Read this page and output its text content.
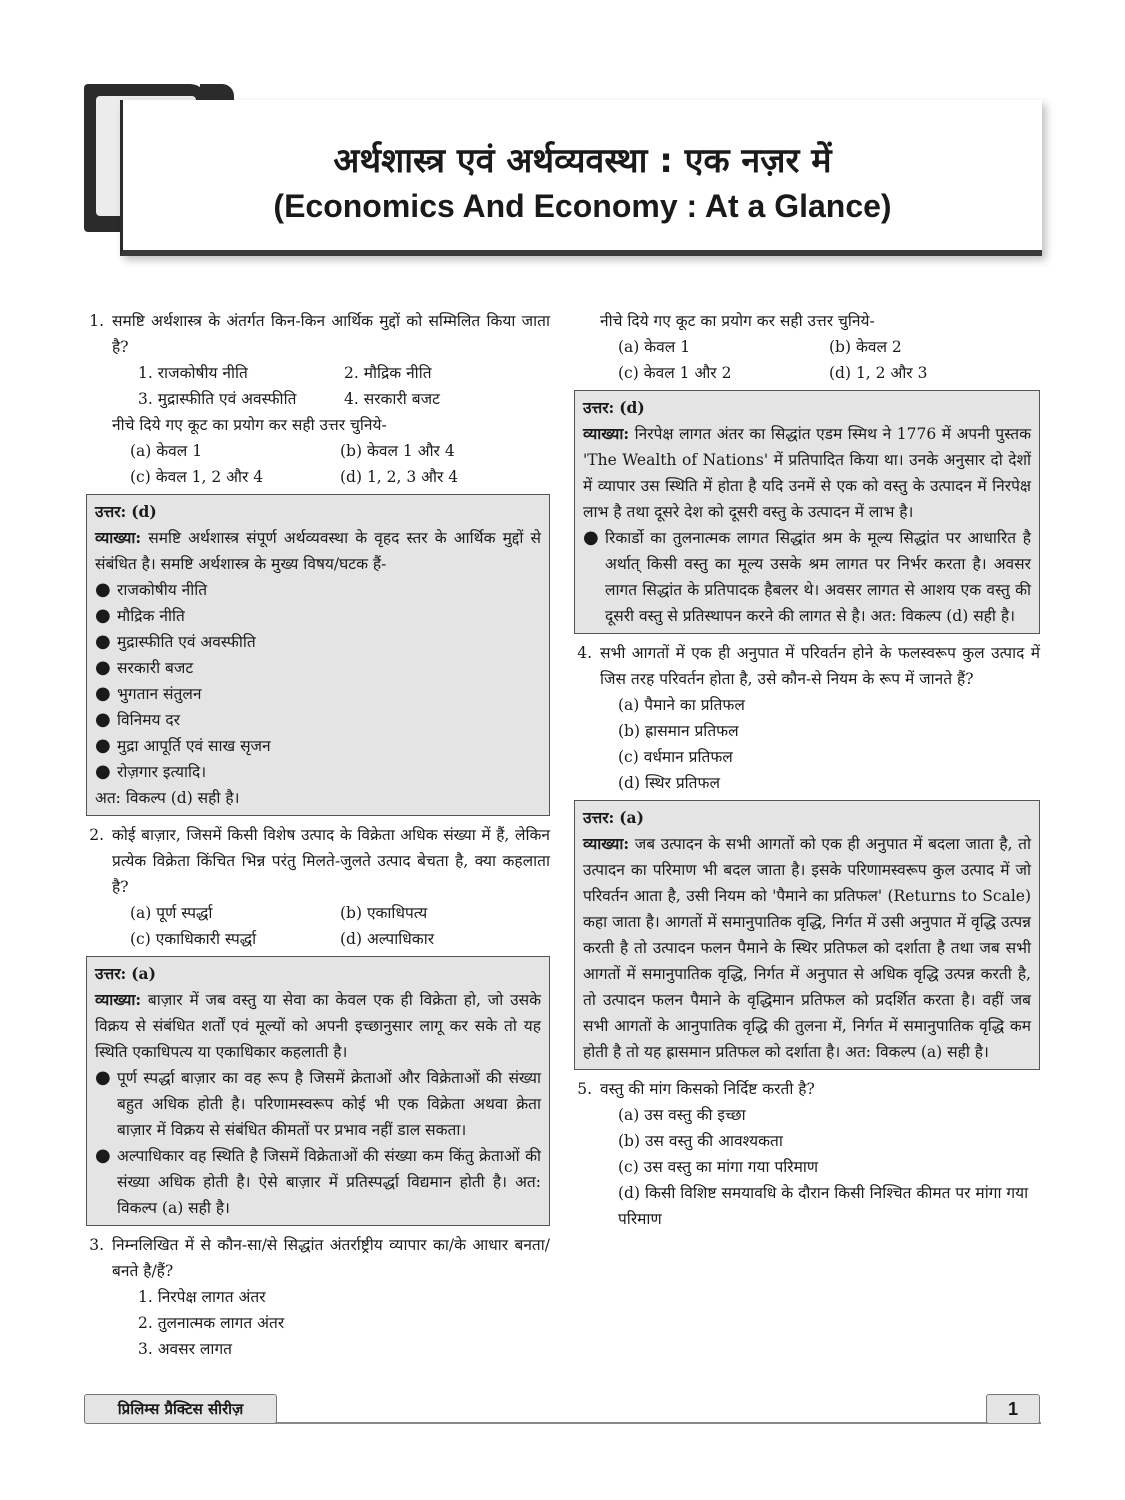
अर्थशास्त्र एवं अर्थव्यवस्था : एक नज़र में
(Economics And Economy : At a Glance)
1. समष्टि अर्थशास्त्र के अंतर्गत किन-किन आर्थिक मुद्दों को सम्मिलित किया जाता है?
1. राजकोषीय नीति	2. मौद्रिक नीति
3. मुद्रास्फीति एवं अवस्फीति	4. सरकारी बजट
नीचे दिये गए कूट का प्रयोग कर सही उत्तर चुनिये-
(a) केवल 1	(b) केवल 1 और 4
(c) केवल 1, 2 और 4	(d) 1, 2, 3 और 4
उत्तर: (d)
व्याख्या: समष्टि अर्थशास्त्र संपूर्ण अर्थव्यवस्था के वृहद स्तर के आर्थिक मुद्दों से संबंधित है। समष्टि अर्थशास्त्र के मुख्य विषय/घटक हैं-
● राजकोषीय नीति
● मौद्रिक नीति
● मुद्रास्फीति एवं अवस्फीति
● सरकारी बजट
● भुगतान संतुलन
● विनिमय दर
● मुद्रा आपूर्ति एवं साख सृजन
● रोज़गार इत्यादि।
अत: विकल्प (d) सही है।
2. कोई बाज़ार, जिसमें किसी विशेष उत्पाद के विक्रेता अधिक संख्या में हैं, लेकिन प्रत्येक विक्रेता किंचित भिन्न परंतु मिलते-जुलते उत्पाद बेचता है, क्या कहलाता है?
(a) पूर्ण स्पर्द्धा	(b) एकाधिपत्य
(c) एकाधिकारी स्पर्द्धा	(d) अल्पाधिकार
उत्तर: (a)
व्याख्या: बाज़ार में जब वस्तु या सेवा का केवल एक ही विक्रेता हो, जो उसके विक्रय से संबंधित शर्तों एवं मूल्यों को अपनी इच्छानुसार लागू कर सके तो यह स्थिति एकाधिपत्य या एकाधिकार कहलाती है।
● पूर्ण स्पर्द्धा बाज़ार का वह रूप है जिसमें क्रेताओं और विक्रेताओं की संख्या बहुत अधिक होती है। परिणामस्वरूप कोई भी एक विक्रेता अथवा क्रेता बाज़ार में विक्रय से संबंधित कीमतों पर प्रभाव नहीं डाल सकता।
● अल्पाधिकार वह स्थिति है जिसमें विक्रेताओं की संख्या कम किंतु क्रेताओं की संख्या अधिक होती है। ऐसे बाज़ार में प्रतिस्पर्द्धा विद्यमान होती है। अत: विकल्प (a) सही है।
3. निम्नलिखित में से कौन-सा/से सिद्धांत अंतर्राष्ट्रीय व्यापार का/के आधार बनता/बनते है/हैं?
1. निरपेक्ष लागत अंतर
2. तुलनात्मक लागत अंतर
3. अवसर लागत
नीचे दिये गए कूट का प्रयोग कर सही उत्तर चुनिये-
(a) केवल 1	(b) केवल 2
(c) केवल 1 और 2	(d) 1, 2 और 3
उत्तर: (d)
व्याख्या: निरपेक्ष लागत अंतर का सिद्धांत एडम स्मिथ ने 1776 में अपनी पुस्तक 'The Wealth of Nations' में प्रतिपादित किया था। उनके अनुसार दो देशों में व्यापार उस स्थिति में होता है यदि उनमें से एक को वस्तु के उत्पादन में निरपेक्ष लाभ है तथा दूसरे देश को दूसरी वस्तु के उत्पादन में लाभ है।
● रिकार्डो का तुलनात्मक लागत सिद्धांत श्रम के मूल्य सिद्धांत पर आधारित है अर्थात् किसी वस्तु का मूल्य उसके श्रम लागत पर निर्भर करता है। अवसर लागत सिद्धांत के प्रतिपादक हैबलर थे। अवसर लागत से आशय एक वस्तु की दूसरी वस्तु से प्रतिस्थापन करने की लागत से है। अत: विकल्प (d) सही है।
4. सभी आगतों में एक ही अनुपात में परिवर्तन होने के फलस्वरूप कुल उत्पाद में जिस तरह परिवर्तन होता है, उसे कौन-से नियम के रूप में जानते हैं?
(a) पैमाने का प्रतिफल
(b) ह्रासमान प्रतिफल
(c) वर्धमान प्रतिफल
(d) स्थिर प्रतिफल
उत्तर: (a)
व्याख्या: जब उत्पादन के सभी आगतों को एक ही अनुपात में बदला जाता है, तो उत्पादन का परिमाण भी बदल जाता है। इसके परिणामस्वरूप कुल उत्पाद में जो परिवर्तन आता है, उसी नियम को 'पैमाने का प्रतिफल' (Returns to Scale) कहा जाता है। आगतों में समानुपातिक वृद्धि, निर्गत में उसी अनुपात में वृद्धि उत्पन्न करती है तो उत्पादन फलन पैमाने के स्थिर प्रतिफल को दर्शाता है तथा जब सभी आगतों में समानुपातिक वृद्धि, निर्गत में अनुपात से अधिक वृद्धि उत्पन्न करती है, तो उत्पादन फलन पैमाने के वृद्धिमान प्रतिफल को प्रदर्शित करता है। वहीं जब सभी आगतों के आनुपातिक वृद्धि की तुलना में, निर्गत में समानुपातिक वृद्धि कम होती है तो यह ह्रासमान प्रतिफल को दर्शाता है। अत: विकल्प (a) सही है।
5. वस्तु की मांग किसको निर्दिष्ट करती है?
(a) उस वस्तु की इच्छा
(b) उस वस्तु की आवश्यकता
(c) उस वस्तु का मांगा गया परिमाण
(d) किसी विशिष्ट समयावधि के दौरान किसी निश्चित कीमत पर मांगा गया परिमाण
प्रिलिम्स प्रैक्टिस सीरीज़	1
